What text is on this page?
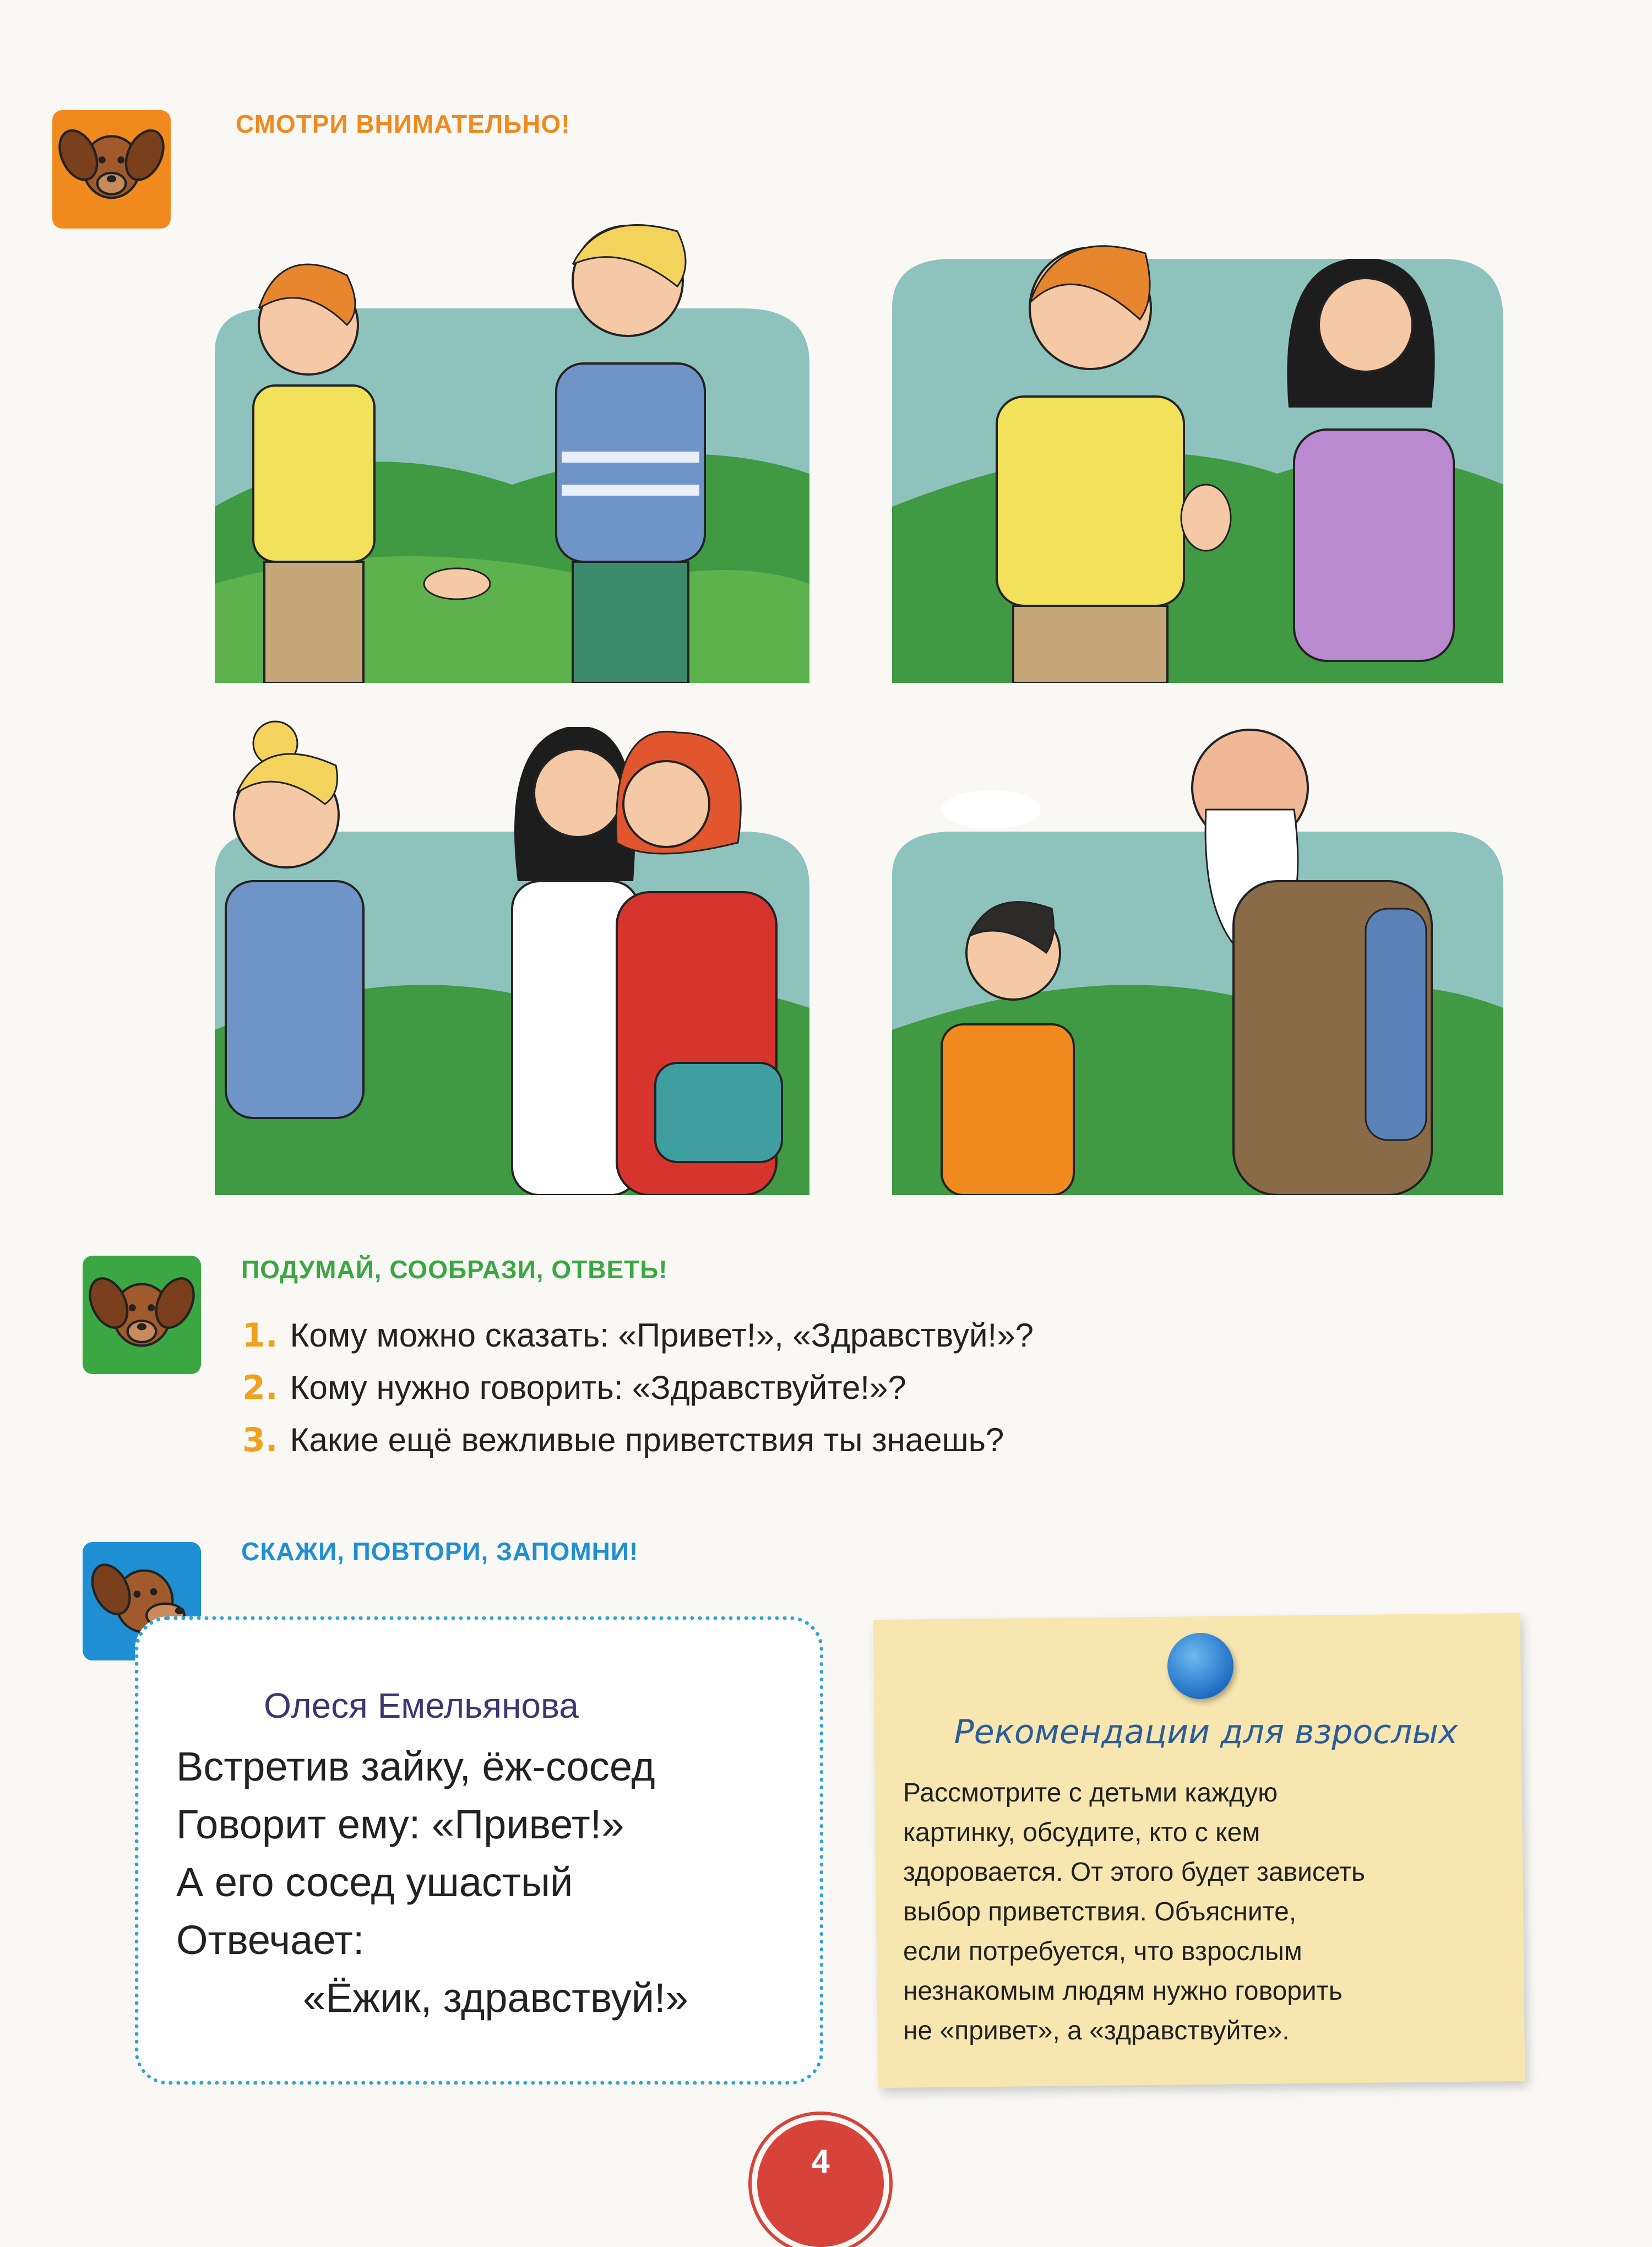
СМОТРИ ВНИМАТЕЛЬНО!
ПОДУМАЙ, СООБРАЗИ, ОТВЕТЬ!
1. Кому можно сказать: «Привет!», «Здравствуй!»?
2. Кому нужно говорить: «Здравствуйте!»?
3. Какие ещё вежливые приветствия ты знаешь?
СКАЖИ, ПОВТОРИ, ЗАПОМНИ!
Олеся Емельянова
Встретив зайку, ёж-сосед
Говорит ему: «Привет!»
А его сосед ушастый
Отвечает:
«Ёжик, здравствуй!»
Рекомендации для взрослых
Рассмотрите с детьми каждую
картинку, обсудите, кто с кем
здоровается. От этого будет зависеть
выбор приветствия. Объясните,
если потребуется, что взрослым
незнакомым людям нужно говорить
не «привет», а «здравствуйте».
4
